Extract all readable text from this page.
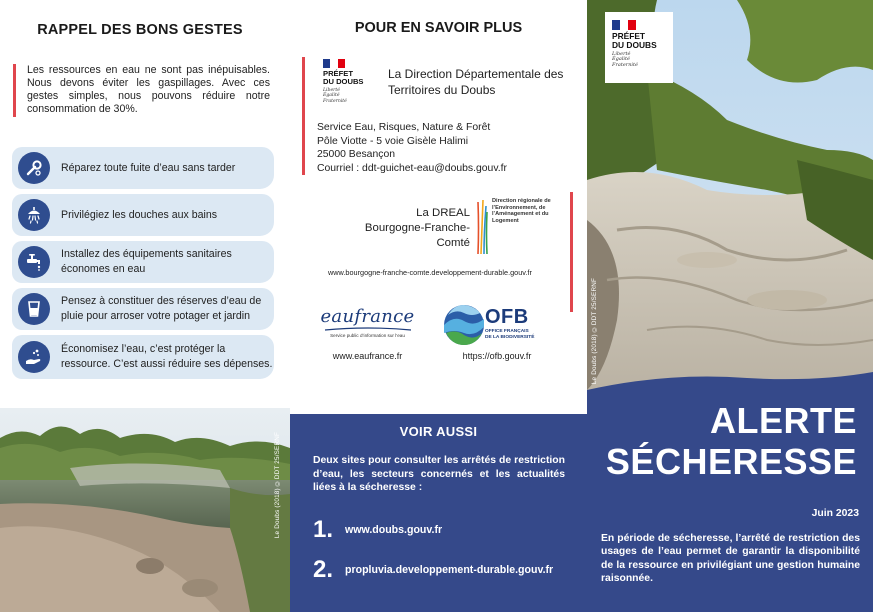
RAPPEL DES BONS GESTES
Les ressources en eau ne sont pas inépuisables. Nous devons éviter les gaspillages. Avec ces gestes simples, nous pouvons réduire notre consommation de 30%.
Réparez toute fuite d’eau sans tarder
Privilégiez les douches aux bains
Installez des équipements sanitaires économes en eau
Pensez à constituer des réserves d’eau de pluie pour arroser votre potager et jardin
Économisez l’eau, c’est protéger la ressource. C’est aussi réduire ses dépenses.
Le Doubs (2018) ©DDT 25/SERNF
POUR EN SAVOIR PLUS
PRÉFET
DU DOUBS
Liberté
Égalité
Fraternité
La Direction Départementale des Territoires du Doubs
Service Eau, Risques, Nature & Forêt
Pôle Viotte - 5 voie Gisèle Halimi
25000 Besançon
Courriel : ddt-guichet-eau@doubs.gouv.fr
La DREAL Bourgogne-Franche-Comté
Direction régionale de l’Environnement, de l’Aménagement et du Logement
www.bourgogne-franche-comte.developpement-durable.gouv.fr
eaufrance
Service public d’information sur l’eau
www.eaufrance.fr
OFB
OFFICE FRANÇAIS
DE LA BIODIVERSITÉ
https://ofb.gouv.fr
VOIR AUSSI
Deux sites pour consulter les arrêtés de restriction d’eau, les secteurs concernés et les actualités liées à la sécheresse :
1.	www.doubs.gouv.fr
2.	propluvia.developpement-durable.gouv.fr
Le Doubs (2018) ©DDT 25/SERNF
PRÉFET
DU DOUBS
Liberté
Égalité
Fraternité
ALERTE
SÉCHERESSE
Juin 2023
En période de sécheresse, l’arrêté de restriction des usages de l’eau permet de garantir la disponibilité de la ressource en privilégiant une gestion humaine raisonnée.
